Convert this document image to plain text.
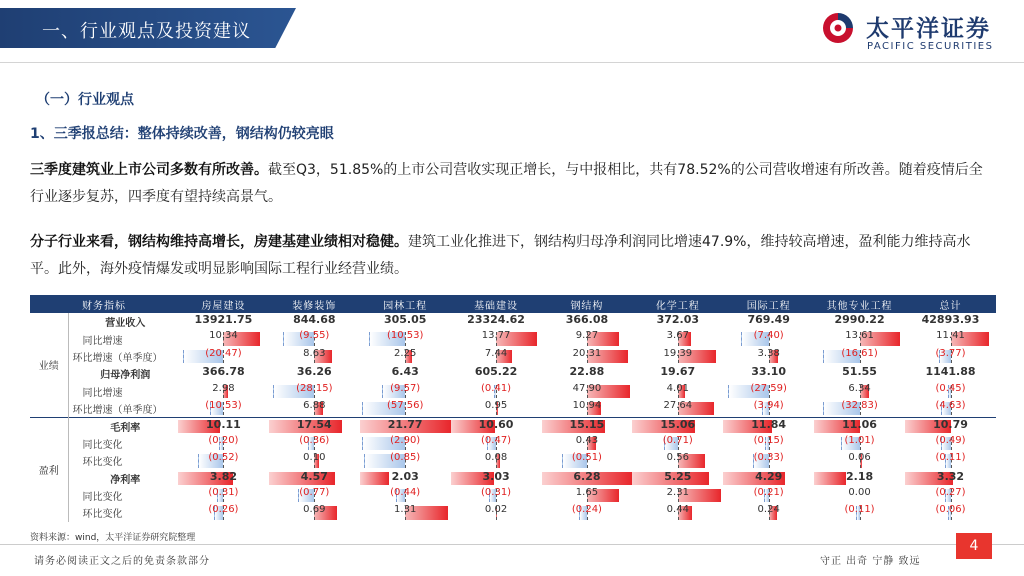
一、行业观点及投资建议	太平洋证券
PACIFIC SECURITIES
（一）行业观点
1、三季报总结：整体持续改善，钢结构仍较亮眼
三季度建筑业上市公司多数有所改善。截至Q3，51.85%的上市公司营收实现正增长，与中报相比，共有78.52%的公司营收增速有所改善。随着疫情后全行业逐步复苏，四季度有望持续高景气。
分子行业来看，钢结构维持高增长，房建基建业绩相对稳健。建筑工业化推进下，钢结构归母净利润同比增速47.9%，维持较高增速，盈利能力维持高水平。此外，海外疫情爆发或明显影响国际工程行业经营业绩。
财务指标		房屋建设	装修装饰	园林工程	基础建设	钢结构	化学工程	国际工程	其他专业工程	总计
业绩	营业收入	13921.75	844.68	305.05	23324.62	366.08	372.03	769.49	2990.22	42893.93

	同比增速	10.34	(9.55)	(10.53)	13.77	9.27	3.67	(7.40)	13.61	11.41

	环比增速（单季度）	(20.47)	8.63	2.25	7.44	20.31	19.39	3.38	(16.61)	(3.77)

	归母净利润	366.78	36.26	6.43	605.22	22.88	19.67	33.10	51.55	1141.88

	同比增速	2.98	(28.15)	(9.57)	(0.41)	47.90	4.01	(27.59)	6.34	(0.45)

	环比增速（单季度）	(10.53)	6.88	(57.56)	0.95	10.94	27.64	(3.94)	(32.83)	(4.63)

盈利	毛利率	10.11	17.54	21.77	10.60	15.15	15.06	11.84	11.06	10.79

	同比变化	(0.20)	(0.36)	(2.90)	(0.47)	0.43	(0.71)	(0.15)	(1.01)	(0.49)

	环比变化	(0.52)	0.10	(0.85)	0.08	(0.51)	0.56	(0.33)	0.06	(0.11)

	净利率	3.82	4.57	2.03	3.03	6.28	5.25	4.29	2.18	3.32

	同比变化	(0.31)	(0.77)	(0.44)	(0.31)	1.65	2.31	(0.21)	0.00	(0.27)

	环比变化	(0.26)	0.69	1.31	0.02	(0.24)	0.44	0.24	(0.11)	(0.06)
资料来源：wind，太平洋证券研究院整理
请务必阅读正文之后的免责条款部分	守正 出奇 宁静 致远
4
